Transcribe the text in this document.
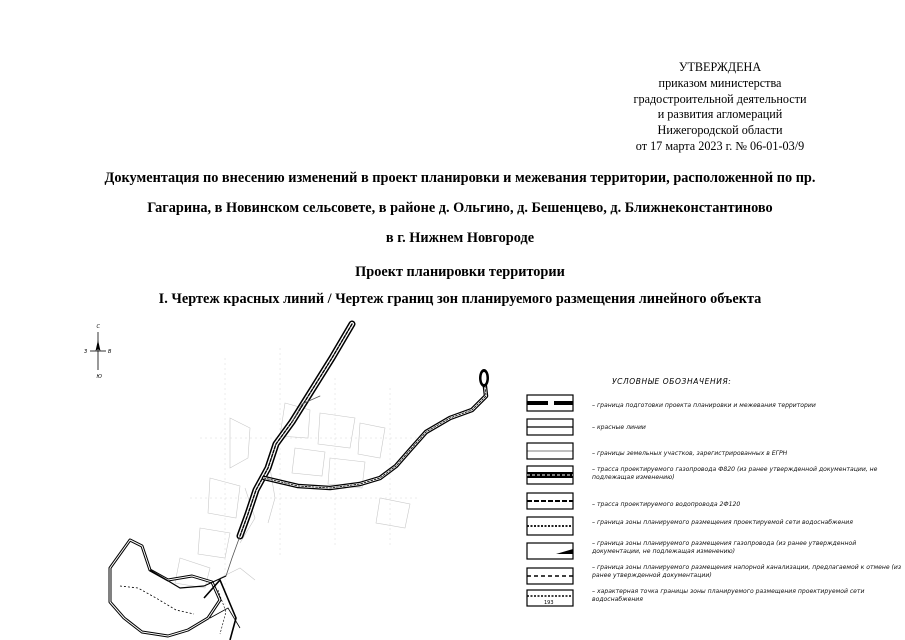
УТВЕРЖДЕНА
приказом министерства
градостроительной деятельности
и развития агломераций
Нижегородской области
от 17 марта 2023 г. № 06-01-03/9
Документация по внесению изменений в проект планировки и межевания территории, расположенной по пр.
Гагарина, в Новинском сельсовете, в районе д. Ольгино, д. Бешенцево, д. Ближнеконстантиново
в г. Нижнем Новгороде
Проект планировки территории
I. Чертеж красных линий / Чертеж границ зон планируемого размещения линейного объекта
С
Ю
З	В
УСЛОВНЫЕ ОБОЗНАЧЕНИЯ:
– граница подготовки проекта планировки и межевания территории
– красные линии
– границы земельных участков, зарегистрированных в ЕГРН
– трасса проектируемого газопровода Ф820 (из ранее утвержденной документации, не подлежащая изменению)
– трасса проектируемого водопровода 2Ф120
– граница зоны планируемого размещения проектируемой сети водоснабжения
– граница зоны планируемого размещения газопровода (из ранее утвержденной документации, не подлежащая изменению)
– граница зоны планируемого размещения напорной канализации, предлагаемой к отмене (из ранее утвержденной документации)
193
– характерная точка границы зоны планируемого размещения проектируемой сети водоснабжения
